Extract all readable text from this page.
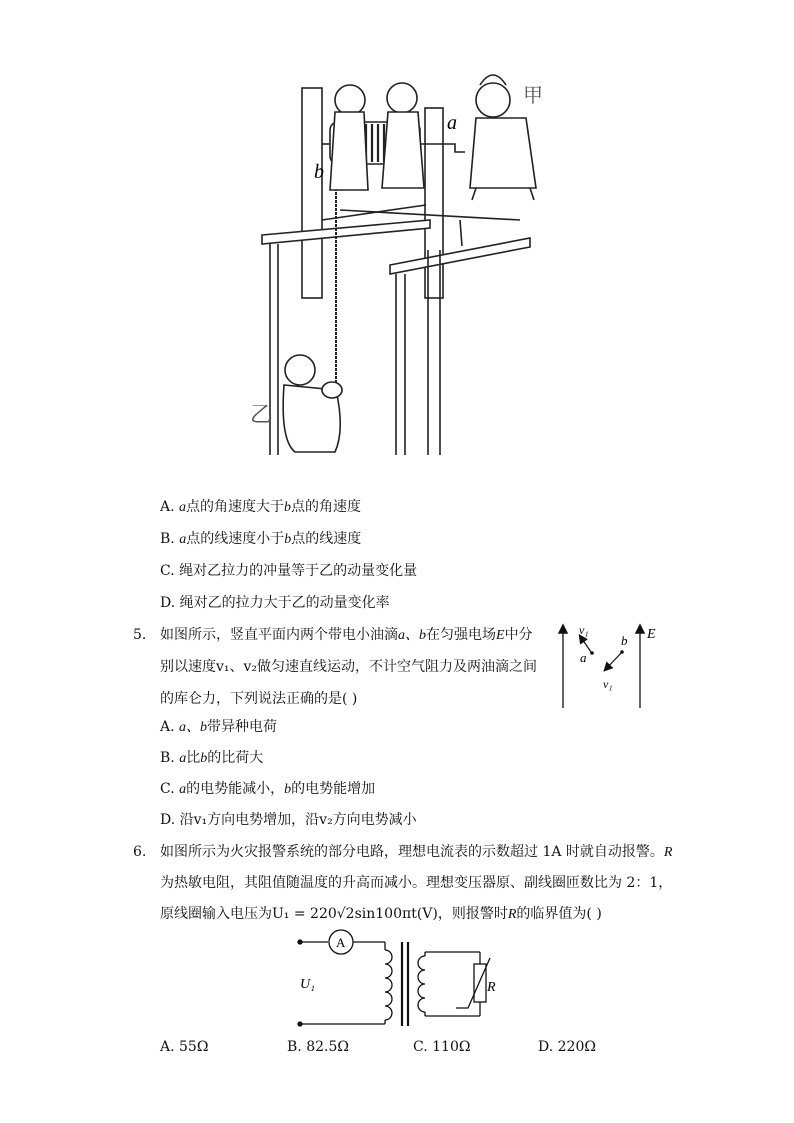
a
b
甲
乙
A. a点的角速度大于b点的角速度
B. a点的线速度小于b点的线速度
C. 绳对乙拉力的冲量等于乙的动量变化量
D. 绳对乙的拉力大于乙的动量变化率
5. 如图所示，竖直平面内两个带电小油滴a、b在匀强电场E中分
别以速度v₁、v₂做匀速直线运动，不计空气阻力及两油滴之间
的库仑力，下列说法正确的是( )
v₁
a
b
v₁
E
A. a、b带异种电荷
B. a比b的比荷大
C. a的电势能减小，b的电势能增加
D. 沿v₁方向电势增加，沿v₂方向电势减小
6. 如图所示为火灾报警系统的部分电路，理想电流表的示数超过 1A 时就自动报警。R
为热敏电阻，其阻值随温度的升高而减小。理想变压器原、副线圈匝数比为 2：1，
原线圈输入电压为U₁ = 220√2sin100πt(V)，则报警时R的临界值为( )
A
U₁	R
A. 55Ω	B. 82.5Ω	C. 110Ω	D. 220Ω
